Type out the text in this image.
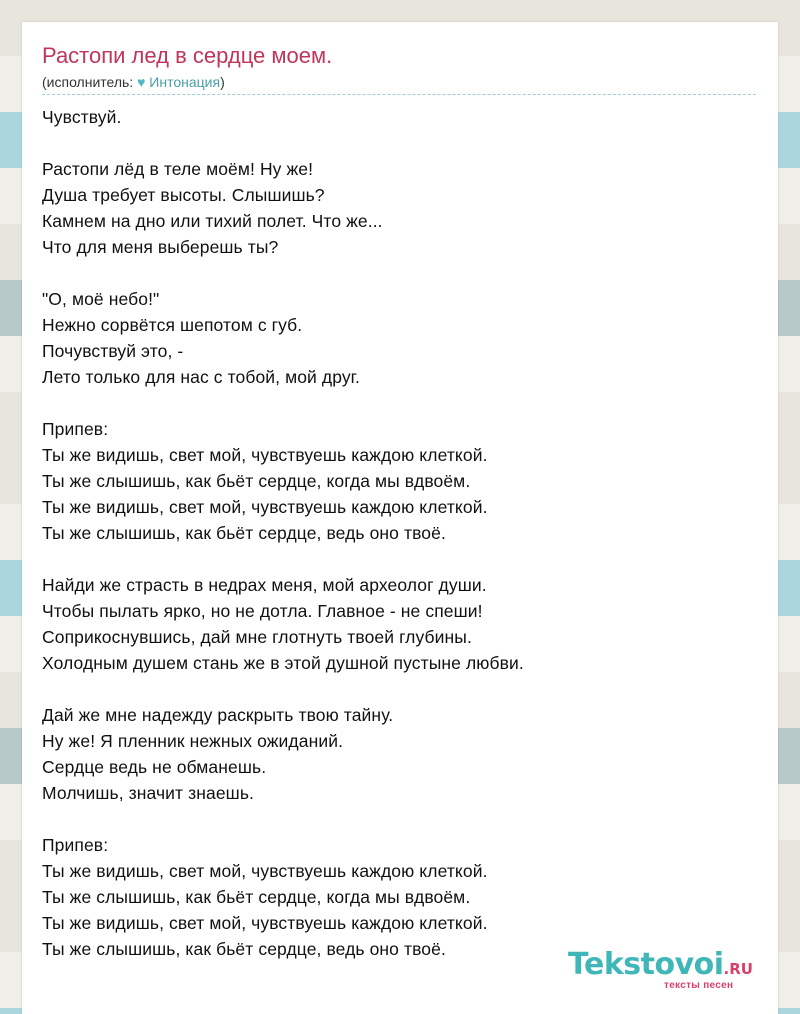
Растопи лед в сердце моем.
(исполнитель: ♥ Интонация)
Чувствуй.
Растопи лёд в теле моём! Ну же!
Душа требует высоты. Слышишь?
Камнем на дно или тихий полет. Что же...
Что для меня выберешь ты?
"О, моё небо!"
Нежно сорвётся шепотом с губ.
Почувствуй это, -
Лето только для нас с тобой, мой друг.
Припев:
Ты же видишь, свет мой, чувствуешь каждою клеткой.
Ты же слышишь, как бьёт сердце, когда мы вдвоём.
Ты же видишь, свет мой, чувствуешь каждою клеткой.
Ты же слышишь, как бьёт сердце, ведь оно твоё.
Найди же страсть в недрах меня, мой археолог души.
Чтобы пылать ярко, но не дотла. Главное - не спеши!
Соприкоснувшись, дай мне глотнуть твоей глубины.
Холодным душем стань же в этой душной пустыне любви.
Дай же мне надежду раскрыть твою тайну.
Ну же! Я пленник нежных ожиданий.
Сердце ведь не обманешь.
Молчишь, значит знаешь.
Припев:
Ты же видишь, свет мой, чувствуешь каждою клеткой.
Ты же слышишь, как бьёт сердце, когда мы вдвоём.
Ты же видишь, свет мой, чувствуешь каждою клеткой.
Ты же слышишь, как бьёт сердце, ведь оно твоё.	Tekstovoi.RU
тексты песен
